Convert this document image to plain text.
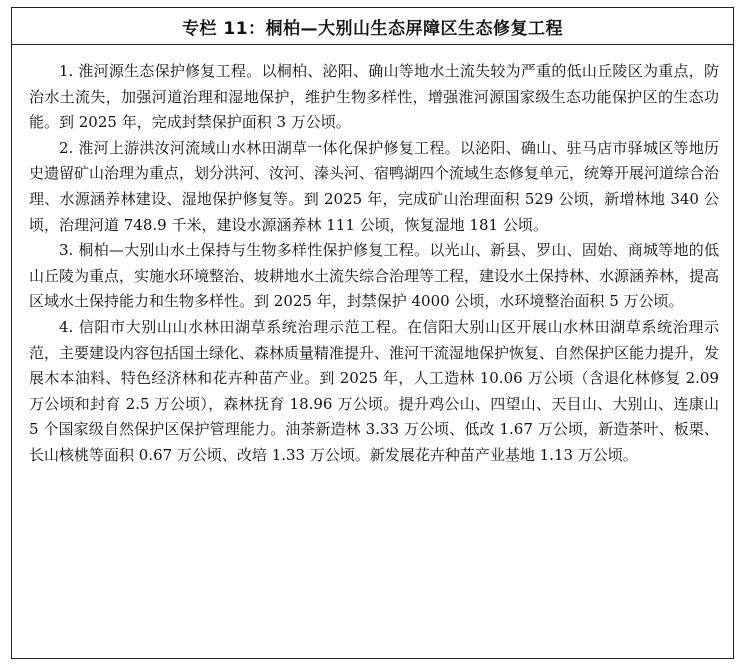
专栏 11：桐柏—大别山生态屏障区生态修复工程

1. 淮河源生态保护修复工程。以桐柏、泌阳、确山等地水土流失较为严重的低山丘陵区为重点，防治水土流失，加强河道治理和湿地保护，维护生物多样性，增强淮河源国家级生态功能保护区的生态功能。到 2025 年，完成封禁保护面积 3 万公顷。

2. 淮河上游洪汝河流域山水林田湖草一体化保护修复工程。以泌阳、确山、驻马店市驿城区等地历史遗留矿山治理为重点，划分洪河、汝河、溱头河、宿鸭湖四个流域生态修复单元，统筹开展河道综合治理、水源涵养林建设、湿地保护修复等。到 2025 年，完成矿山治理面积 529 公顷，新增林地 340 公顷，治理河道 748.9 千米，建设水源涵养林 111 公顷，恢复湿地 181 公顷。

3. 桐柏—大别山水土保持与生物多样性保护修复工程。以光山、新县、罗山、固始、商城等地的低山丘陵为重点，实施水环境整治、坡耕地水土流失综合治理等工程，建设水土保持林、水源涵养林，提高区域水土保持能力和生物多样性。到 2025 年，封禁保护 4000 公顷，水环境整治面积 5 万公顷。

4. 信阳市大别山山水林田湖草系统治理示范工程。在信阳大别山区开展山水林田湖草系统治理示范，主要建设内容包括国土绿化、森林质量精准提升、淮河干流湿地保护恢复、自然保护区能力提升，发展木本油料、特色经济林和花卉种苗产业。到 2025 年，人工造林 10.06 万公顷（含退化林修复 2.09 万公顷和封育 2.5 万公顷），森林抚育 18.96 万公顷。提升鸡公山、四望山、天目山、大别山、连康山 5 个国家级自然保护区保护管理能力。油茶新造林 3.33 万公顷、低改 1.67 万公顷，新造茶叶、板栗、长山核桃等面积 0.67 万公顷、改培 1.33 万公顷。新发展花卉种苗产业基地 1.13 万公顷。
